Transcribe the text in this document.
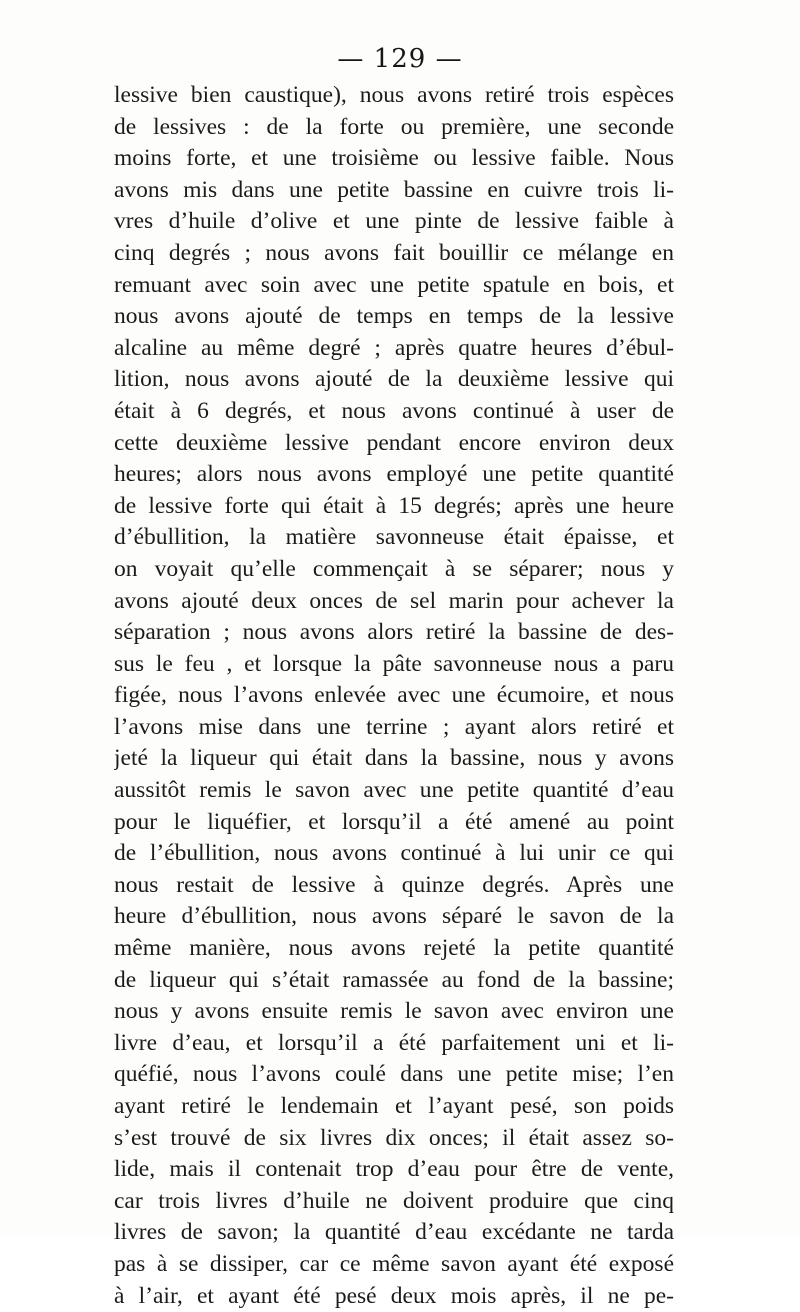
— 129 —
lessive bien caustique), nous avons retiré trois espèces
de lessives : de la forte ou première, une seconde
moins forte, et une troisième ou lessive faible. Nous
avons mis dans une petite bassine en cuivre trois li-
vres d’huile d’olive et une pinte de lessive faible à
cinq degrés ; nous avons fait bouillir ce mélange en
remuant avec soin avec une petite spatule en bois, et
nous avons ajouté de temps en temps de la lessive
alcaline au même degré ; après quatre heures d’ébul-
lition, nous avons ajouté de la deuxième lessive qui
était à 6 degrés, et nous avons continué à user de
cette deuxième lessive pendant encore environ deux
heures; alors nous avons employé une petite quantité
de lessive forte qui était à 15 degrés; après une heure
d’ébullition, la matière savonneuse était épaisse, et
on voyait qu’elle commençait à se séparer; nous y
avons ajouté deux onces de sel marin pour achever la
séparation ; nous avons alors retiré la bassine de des-
sus le feu , et lorsque la pâte savonneuse nous a paru
figée, nous l’avons enlevée avec une écumoire, et nous
l’avons mise dans une terrine ; ayant alors retiré et
jeté la liqueur qui était dans la bassine, nous y avons
aussitôt remis le savon avec une petite quantité d’eau
pour le liquéfier, et lorsqu’il a été amené au point
de l’ébullition, nous avons continué à lui unir ce qui
nous restait de lessive à quinze degrés. Après une
heure d’ébullition, nous avons séparé le savon de la
même manière, nous avons rejeté la petite quantité
de liqueur qui s’était ramassée au fond de la bassine;
nous y avons ensuite remis le savon avec environ une
livre d’eau, et lorsqu’il a été parfaitement uni et li-
quéfié, nous l’avons coulé dans une petite mise; l’en
ayant retiré le lendemain et l’ayant pesé, son poids
s’est trouvé de six livres dix onces; il était assez so-
lide, mais il contenait trop d’eau pour être de vente,
car trois livres d’huile ne doivent produire que cinq
livres de savon; la quantité d’eau excédante ne tarda
pas à se dissiper, car ce même savon ayant été exposé
à l’air, et ayant été pesé deux mois après, il ne pe-
